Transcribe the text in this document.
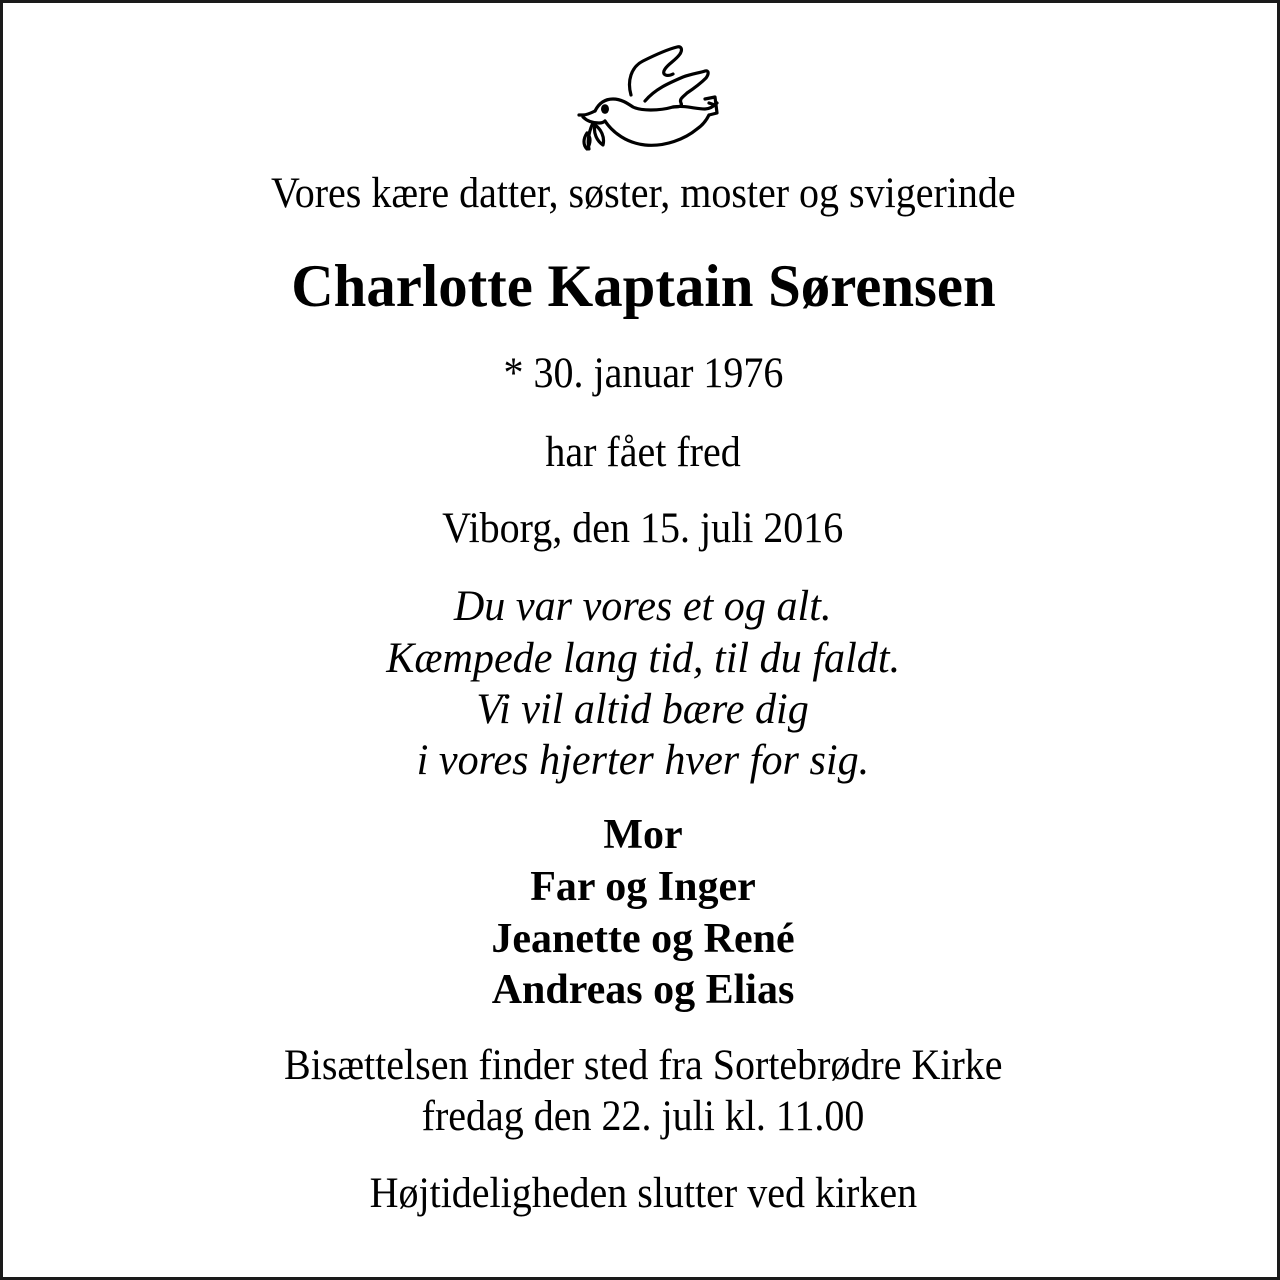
Vores kære datter, søster, moster og svigerinde
Charlotte Kaptain Sørensen
* 30. januar 1976
har fået fred
Viborg, den 15. juli 2016
Du var vores et og alt.
Kæmpede lang tid, til du faldt.
Vi vil altid bære dig
i vores hjerter hver for sig.
Mor
Far og Inger
Jeanette og René
Andreas og Elias
Bisættelsen finder sted fra Sortebrødre Kirke
fredag den 22. juli kl. 11.00
Højtideligheden slutter ved kirken
